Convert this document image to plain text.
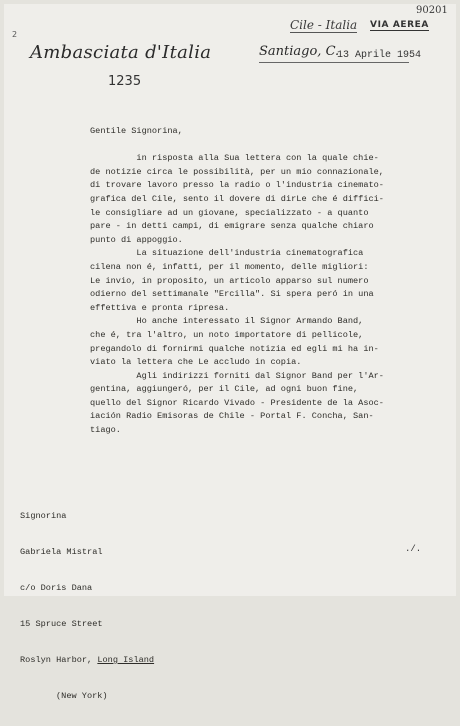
2
90201
Cile - Italia VIA AEREA
Ambasciata d'Italia
1235
Santiago, C.
13 Aprile 1954
Gentile Signorina,
in risposta alla Sua lettera con la quale chie-
de notizie circa le possibilità, per un mio connazionale,
di trovare lavoro presso la radio o l'industria cinemato-
grafica del Cile, sento il dovere di dirLe che é diffici-
le consigliare ad un giovane, specializzato - a quanto
pare - in detti campi, di emigrare senza qualche chiaro
punto di appoggio.
La situazione dell'industria cinematografica
cilena non é, infatti, per il momento, delle migliori:
Le invio, in proposito, un articolo apparso sul numero
odierno del settimanale "Ercilla". Si spera peró in una
effettiva e pronta ripresa.
Ho anche interessato il Signor Armando Band,
che é, tra l'altro, un noto importatore di pellicole,
pregandolo di fornirmi qualche notizia ed egli mi ha in-
viato la lettera che Le accludo in copia.
Agli indirizzi forniti dal Signor Band per l'Ar-
gentina, aggiungeró, per il Cile, ad ogni buon fine,
quello del Signor Ricardo Vivado - Presidente de la Asoc-
iación Radio Emisoras de Chile - Portal F. Concha, San-
tiago.

Signorina

Gabriela Mistral

c/o Doris Dana

15 Spruce Street

Roslyn Harbor, Long Island

(New York)

./.
